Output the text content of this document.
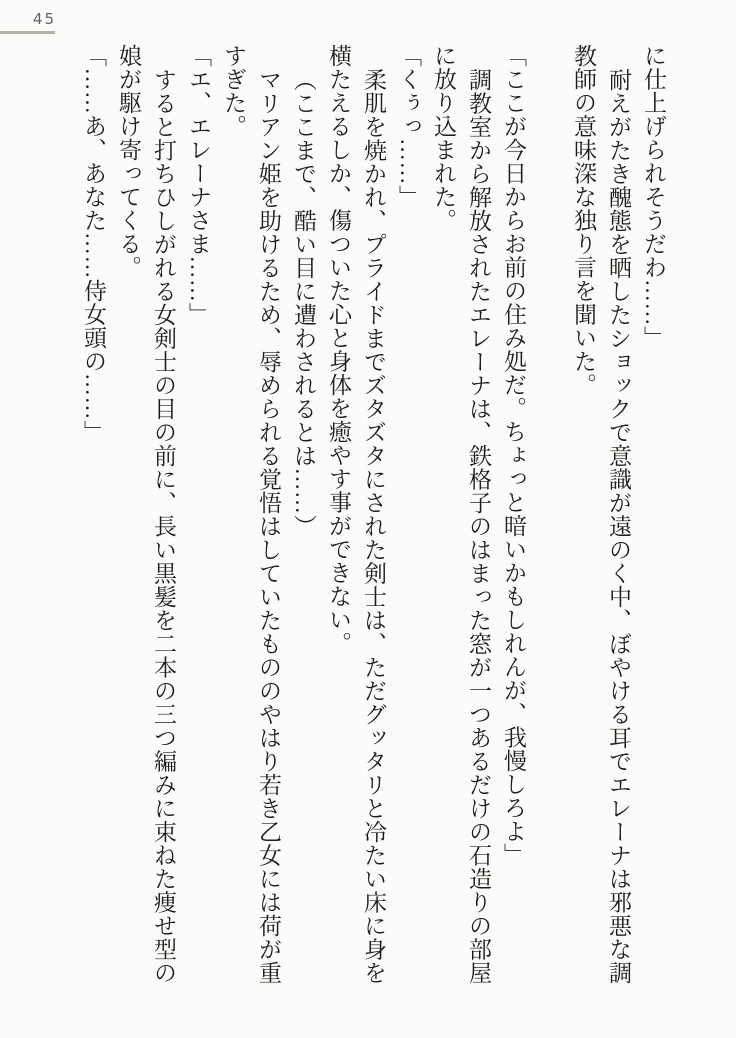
45

に仕上げられそうだわ……」

耐えがたき醜態を晒したショックで意識が遠のく中、ぼやける耳でエレーナは邪悪な調

教師の意味深な独り言を聞いた。

「ここが今日からお前の住み処だ。ちょっと暗いかもしれんが、我慢しろよ」

調教室から解放されたエレーナは、鉄格子のはまった窓が一つあるだけの石造りの部屋

に放り込まれた。

「くぅっ……」

柔肌を焼かれ、プライドまでズタズタにされた剣士は、ただグッタリと冷たい床に身を

横たえるしか、傷ついた心と身体を癒やす事ができない。

（ここまで、酷い目に遭わされるとは……）

マリアン姫を助けるため、辱められる覚悟はしていたもののやはり若き乙女には荷が重

すぎた。

「エ、エレーナさま……」

すると打ちひしがれる女剣士の目の前に、長い黒髪を二本の三つ編みに束ねた痩せ型の

娘が駆け寄ってくる。

「……あ、あなた……侍女頭の……」
